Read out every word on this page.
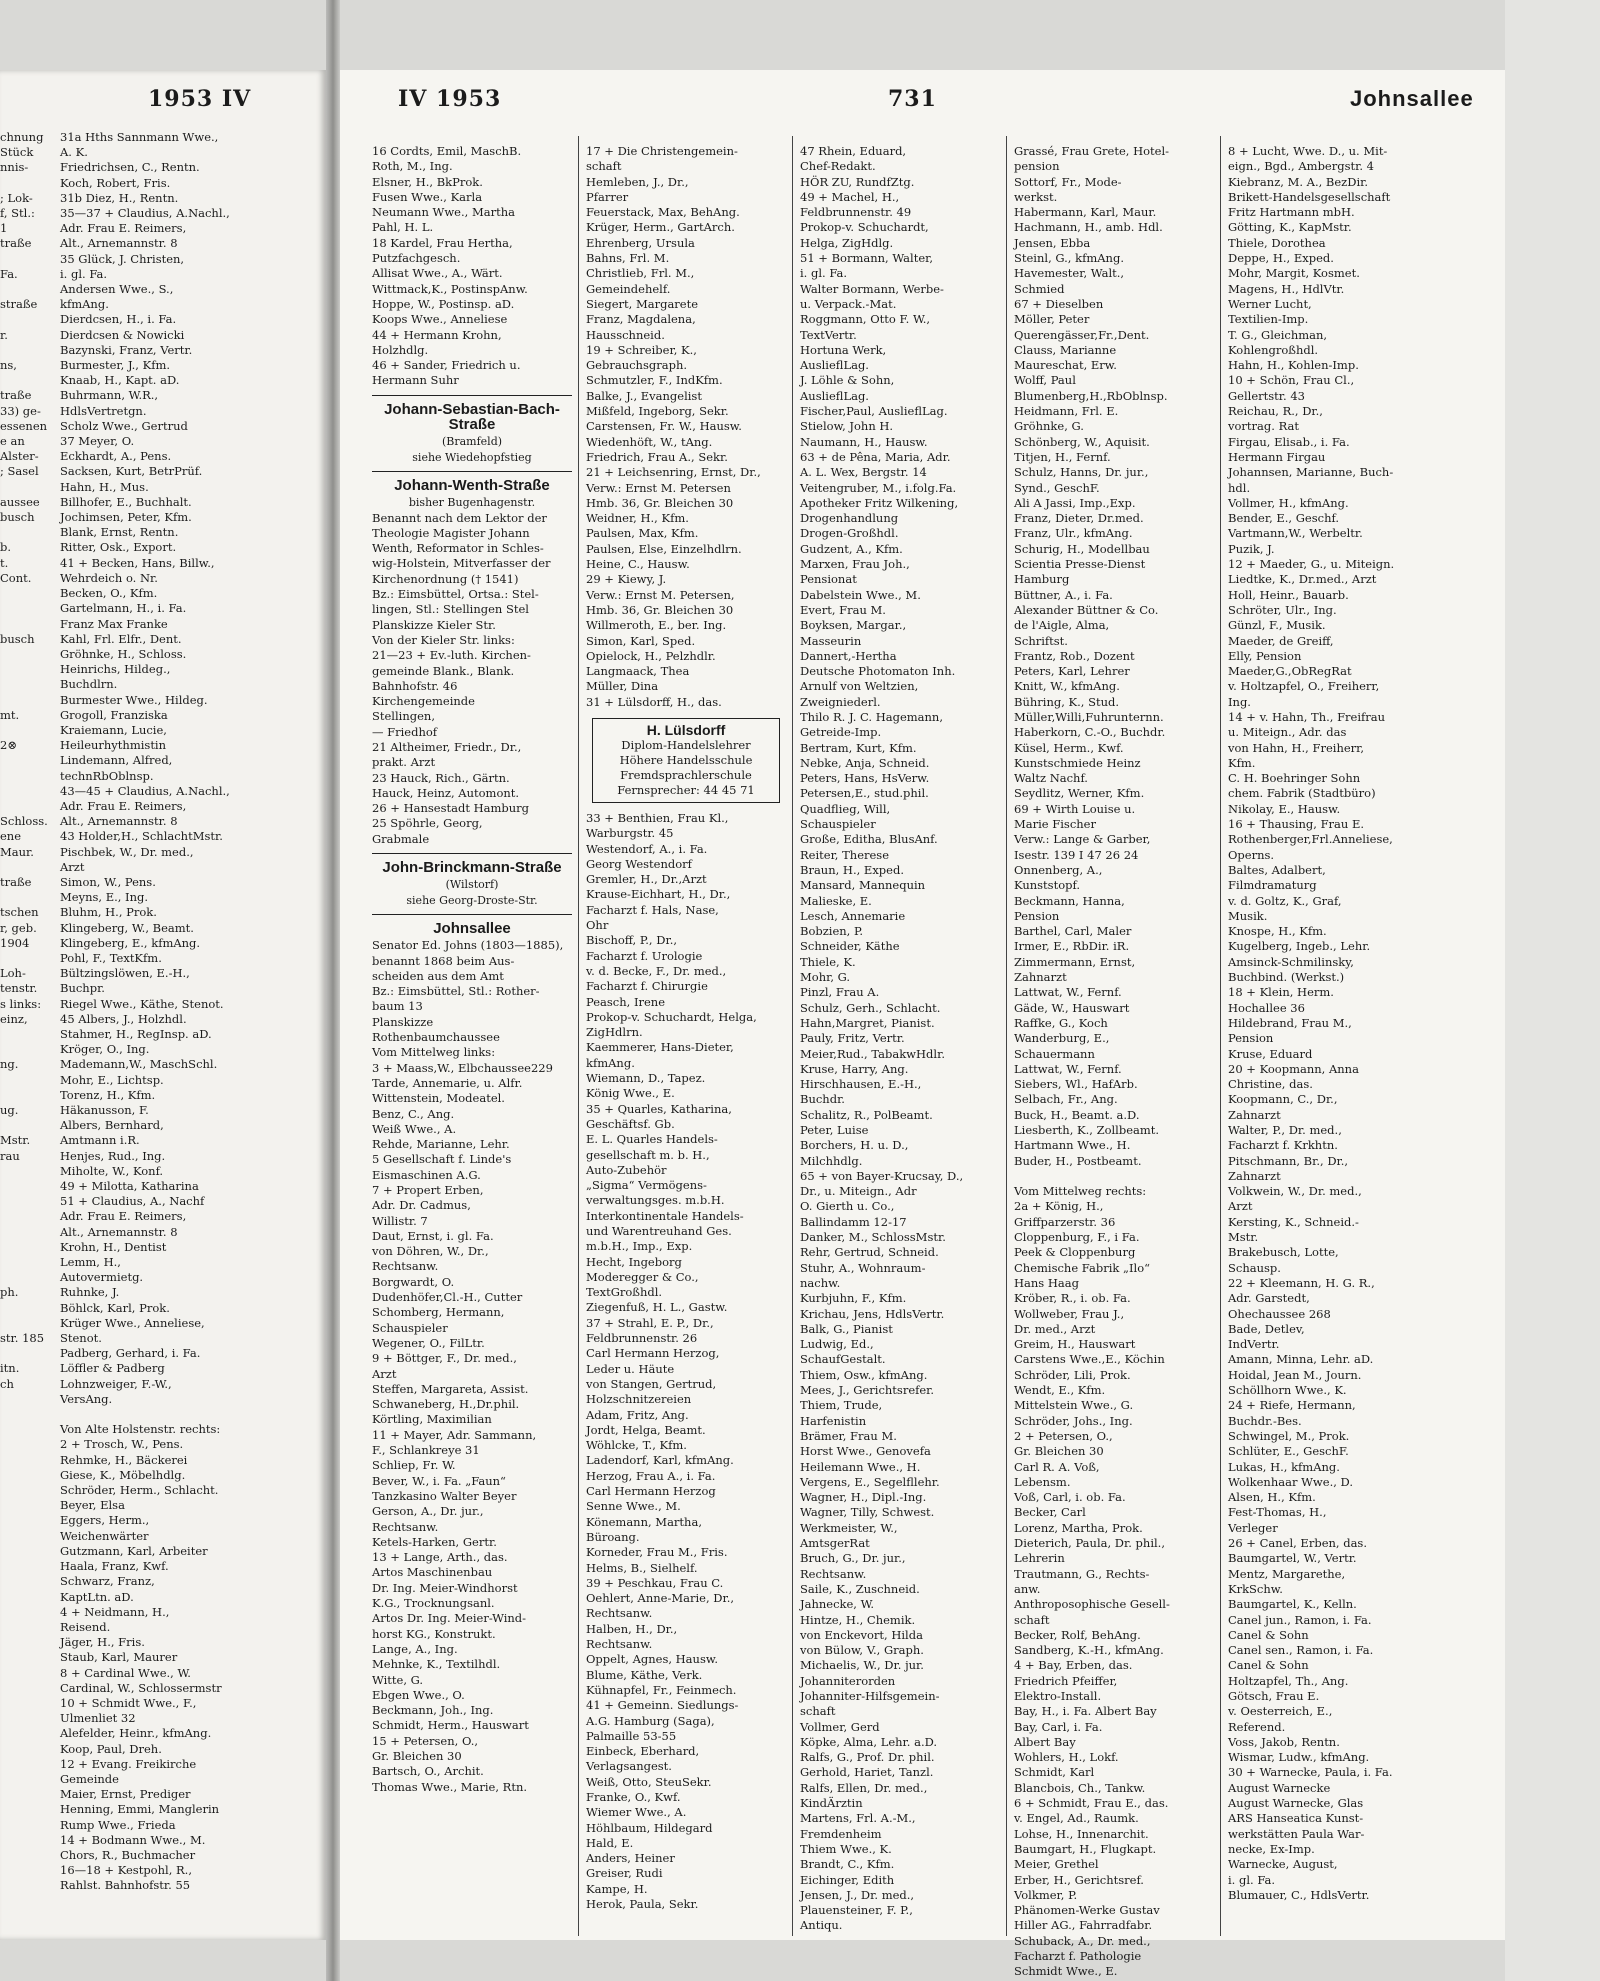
1953 IV
chnung
Stück
nnis-

; Lok-
f, Stl.:
1
traße

Fa.

straße

r.

ns,

traße
33) ge-
essenen
e an
Alster-
; Sasel

aussee
busch

b.
t.
Cont.

busch

mt.

2⊗

Schloss.
ene
Maur.

traße

tschen
r, geb.
1904

Loh-
tenstr.
s links:
einz,

ng.

ug.

Mstr.
rau

ph.

str. 185

itn.
ch
31a Hths Sannmann Wwe.,
A. K.
Friedrichsen, C., Rentn.
Koch, Robert, Fris.
31b Diez, H., Rentn.
35—37 + Claudius, A.Nachl.,
Adr. Frau E. Reimers,
Alt., Arnemannstr. 8
35 Glück, J. Christen,
i. gl. Fa.
Andersen Wwe., S.,
kfmAng.
Dierdcsen, H., i. Fa.
Dierdcsen & Nowicki
Bazynski, Franz, Vertr.
Burmester, J., Kfm.
Knaab, H., Kapt. aD.
Buhrmann, W.R.,
HdlsVertretgn.
Scholz Wwe., Gertrud
37 Meyer, O.
Eckhardt, A., Pens.
Sacksen, Kurt, BetrPrüf.
Hahn, H., Mus.
Billhofer, E., Buchhalt.
Jochimsen, Peter, Kfm.
Blank, Ernst, Rentn.
Ritter, Osk., Export.
41 + Becken, Hans, Billw.,
Wehrdeich o. Nr.
Becken, O., Kfm.
Gartelmann, H., i. Fa.
Franz Max Franke
Kahl, Frl. Elfr., Dent.
Gröhnke, H., Schloss.
Heinrichs, Hildeg.,
Buchdlrn.
Burmester Wwe., Hildeg.
Grogoll, Franziska
Kraiemann, Lucie,
Heileurhythmistin
Lindemann, Alfred,
technRbOblnsp.
43—45 + Claudius, A.Nachl.,
Adr. Frau E. Reimers,
Alt., Arnemannstr. 8
43 Holder,H., SchlachtMstr.
Pischbek, W., Dr. med.,
Arzt
Simon, W., Pens.
Meyns, E., Ing.
Bluhm, H., Prok.
Klingeberg, W., Beamt.
Klingeberg, E., kfmAng.
Pohl, F., TextKfm.
Bültzingslöwen, E.-H.,
Buchpr.
Riegel Wwe., Käthe, Stenot.
45 Albers, J., Holzhdl.
Stahmer, H., RegInsp. aD.
Kröger, O., Ing.
Mademann,W., MaschSchl.
Mohr, E., Lichtsp.
Torenz, H., Kfm.
Häkanusson, F.
Albers, Bernhard,
Amtmann i.R.
Henjes, Rud., Ing.
Miholte, W., Konf.
49 + Milotta, Katharina
51 + Claudius, A., Nachf
Adr. Frau E. Reimers,
Alt., Arnemannstr. 8
Krohn, H., Dentist
Lemm, H.,
Autovermietg.
Ruhnke, J.
Böhlck, Karl, Prok.
Krüger Wwe., Anneliese,
Stenot.
Padberg, Gerhard, i. Fa.
Löffler & Padberg
Lohnzweiger, F.-W.,
VersAng.

Von Alte Holstenstr. rechts:
2 + Trosch, W., Pens.
Rehmke, H., Bäckerei
Giese, K., Möbelhdlg.
Schröder, Herm., Schlacht.
Beyer, Elsa
Eggers, Herm.,
Weichenwärter
Gutzmann, Karl, Arbeiter
Haala, Franz, Kwf.
Schwarz, Franz,
KaptLtn. aD.
4 + Neidmann, H.,
Reisend.
Jäger, H., Fris.
Staub, Karl, Maurer
8 + Cardinal Wwe., W.
Cardinal, W., Schlossermstr
10 + Schmidt Wwe., F.,
Ulmenliet 32
Alefelder, Heinr., kfmAng.
Koop, Paul, Dreh.
12 + Evang. Freikirche
Gemeinde
Maier, Ernst, Prediger
Henning, Emmi, Manglerin
Rump Wwe., Frieda
14 + Bodmann Wwe., M.
Chors, R., Buchmacher
16—18 + Kestpohl, R.,
Rahlst. Bahnhofstr. 55
IV 1953	731	Johnsallee
16 Cordts, Emil, MaschB.
Roth, M., Ing.
Elsner, H., BkProk.
Fusen Wwe., Karla
Neumann Wwe., Martha
Pahl, H. L.
18 Kardel, Frau Hertha,
Putzfachgesch.
Allisat Wwe., A., Wärt.
Wittmack,K., PostinspAnw.
Hoppe, W., Postinsp. aD.
Koops Wwe., Anneliese
44 + Hermann Krohn,
Holzhdlg.
46 + Sander, Friedrich u.
Hermann Suhr
Johann-Sebastian-Bach-Straße
(Bramfeld)
siehe Wiedehopfstieg
Johann-Wenth-Straße
bisher Bugenhagenstr.
Benannt nach dem Lektor der
Theologie Magister Johann
Wenth, Reformator in Schles-
wig-Holstein, Mitverfasser der
Kirchenordnung († 1541)
Bz.: Eimsbüttel, Ortsa.: Stel-
lingen, Stl.: Stellingen Stel
Planskizze Kieler Str.
Von der Kieler Str. links:
21—23 + Ev.-luth. Kirchen-
gemeinde Blank., Blank.
Bahnhofstr. 46
Kirchengemeinde
Stellingen,
— Friedhof
21 Altheimer, Friedr., Dr.,
prakt. Arzt
23 Hauck, Rich., Gärtn.
Hauck, Heinz, Automont.
26 + Hansestadt Hamburg
25 Spöhrle, Georg,
Grabmale
John-Brinckmann-Straße
(Wilstorf)
siehe Georg-Droste-Str.
Johnsallee
Senator Ed. Johns (1803—1885),
benannt 1868 beim Aus-
scheiden aus dem Amt
Bz.: Eimsbüttel, Stl.: Rother-
baum 13
Planskizze
Rothenbaumchaussee
Vom Mittelweg links:
3 + Maass,W., Elbchaussee229
Tarde, Annemarie, u. Alfr.
Wittenstein, Modeatel.
Benz, C., Ang.
Weiß Wwe., A.
Rehde, Marianne, Lehr.
5 Gesellschaft f. Linde's
Eismaschinen A.G.
7 + Propert Erben,
Adr. Dr. Cadmus,
Willistr. 7
Daut, Ernst, i. gl. Fa.
von Döhren, W., Dr.,
Rechtsanw.
Borgwardt, O.
Dudenhöfer,Cl.-H., Cutter
Schomberg, Hermann,
Schauspieler
Wegener, O., FilLtr.
9 + Böttger, F., Dr. med.,
Arzt
Steffen, Margareta, Assist.
Schwaneberg, H.,Dr.phil.
Körtling, Maximilian
11 + Mayer, Adr. Sammann,
F., Schlankreye 31
Schliep, Fr. W.
Bever, W., i. Fa. „Faun“
Tanzkasino Walter Beyer
Gerson, A., Dr. jur.,
Rechtsanw.
Ketels-Harken, Gertr.
13 + Lange, Arth., das.
Artos Maschinenbau
Dr. Ing. Meier-Windhorst
K.G., Trocknungsanl.
Artos Dr. Ing. Meier-Wind-
horst KG., Konstrukt.
Lange, A., Ing.
Mehnke, K., Textilhdl.
Witte, G.
Ebgen Wwe., O.
Beckmann, Joh., Ing.
Schmidt, Herm., Hauswart
15 + Petersen, O.,
Gr. Bleichen 30
Bartsch, O., Archit.
Thomas Wwe., Marie, Rtn.
17 + Die Christengemein-
schaft
Hemleben, J., Dr.,
Pfarrer
Feuerstack, Max, BehAng.
Krüger, Herm., GartArch.
Ehrenberg, Ursula
Bahns, Frl. M.
Christlieb, Frl. M.,
Gemeindehelf.
Siegert, Margarete
Franz, Magdalena,
Hausschneid.
19 + Schreiber, K.,
Gebrauchsgraph.
Schmutzler, F., IndKfm.
Balke, J., Evangelist
Mißfeld, Ingeborg, Sekr.
Carstensen, Fr. W., Hausw.
Wiedenhöft, W., tAng.
Friedrich, Frau A., Sekr.
21 + Leichsenring, Ernst, Dr.,
Verw.: Ernst M. Petersen
Hmb. 36, Gr. Bleichen 30
Weidner, H., Kfm.
Paulsen, Max, Kfm.
Paulsen, Else, Einzelhdlrn.
Heine, C., Hausw.
29 + Kiewy, J.
Verw.: Ernst M. Petersen,
Hmb. 36, Gr. Bleichen 30
Willmeroth, E., ber. Ing.
Simon, Karl, Sped.
Opielock, H., Pelzhdlr.
Langmaack, Thea
Müller, Dina
31 + Lülsdorff, H., das.
H. Lülsdorff
Diplom-Handelslehrer
Höhere Handelsschule
Fremdsprachlerschule
Fernsprecher: 44 45 71
33 + Benthien, Frau Kl.,
Warburgstr. 45
Westendorf, A., i. Fa.
Georg Westendorf
Gremler, H., Dr.,Arzt
Krause-Eichhart, H., Dr.,
Facharzt f. Hals, Nase,
Ohr
Bischoff, P., Dr.,
Facharzt f. Urologie
v. d. Becke, F., Dr. med.,
Facharzt f. Chirurgie
Peasch, Irene
Prokop-v. Schuchardt, Helga,
ZigHdlrn.
Kaemmerer, Hans-Dieter,
kfmAng.
Wiemann, D., Tapez.
König Wwe., E.
35 + Quarles, Katharina,
Geschäftsf. Gb.
E. L. Quarles Handels-
gesellschaft m. b. H.,
Auto-Zubehör
„Sigma“ Vermögens-
verwaltungsges. m.b.H.
Interkontinentale Handels-
und Warentreuhand Ges.
m.b.H., Imp., Exp.
Hecht, Ingeborg
Moderegger & Co.,
TextGroßhdl.
Ziegenfuß, H. L., Gastw.
37 + Strahl, E. P., Dr.,
Feldbrunnenstr. 26
Carl Hermann Herzog,
Leder u. Häute
von Stangen, Gertrud,
Holzschnitzereien
Adam, Fritz, Ang.
Jordt, Helga, Beamt.
Wöhlcke, T., Kfm.
Ladendorf, Karl, kfmAng.
Herzog, Frau A., i. Fa.
Carl Hermann Herzog
Senne Wwe., M.
Könemann, Martha,
Büroang.
Korneder, Frau M., Fris.
Helms, B., Sielhelf.
39 + Peschkau, Frau C.
Oehlert, Anne-Marie, Dr.,
Rechtsanw.
Halben, H., Dr.,
Rechtsanw.
Oppelt, Agnes, Hausw.
Blume, Käthe, Verk.
Kühnapfel, Fr., Feinmech.
41 + Gemeinn. Siedlungs-
A.G. Hamburg (Saga),
Palmaille 53-55
Einbeck, Eberhard,
Verlagsangest.
Weiß, Otto, SteuSekr.
Franke, O., Kwf.
Wiemer Wwe., A.
Höhlbaum, Hildegard
Hald, E.
Anders, Heiner
Greiser, Rudi
Kampe, H.
Herok, Paula, Sekr.
47 Rhein, Eduard,
Chef-Redakt.
HÖR ZU, RundfZtg.
49 + Machel, H.,
Feldbrunnenstr. 49
Prokop-v. Schuchardt,
Helga, ZigHdlg.
51 + Bormann, Walter,
i. gl. Fa.
Walter Bormann, Werbe-
u. Verpack.-Mat.
Roggmann, Otto F. W.,
TextVertr.
Hortuna Werk,
AuslieflLag.
J. Löhle & Sohn,
AuslieflLag.
Fischer,Paul, AuslieflLag.
Stielow, John H.
Naumann, H., Hausw.
63 + de Pêna, Maria, Adr.
A. L. Wex, Bergstr. 14
Veitengruber, M., i.folg.Fa.
Apotheker Fritz Wilkening,
Drogenhandlung
Drogen-Großhdl.
Gudzent, A., Kfm.
Marxen, Frau Joh.,
Pensionat
Dabelstein Wwe., M.
Evert, Frau M.
Boyksen, Margar.,
Masseurin
Dannert,-Hertha
Deutsche Photomaton Inh.
Arnulf von Weltzien,
Zweigniederl.
Thilo R. J. C. Hagemann,
Getreide-Imp.
Bertram, Kurt, Kfm.
Nebke, Anja, Schneid.
Peters, Hans, HsVerw.
Petersen,E., stud.phil.
Quadflieg, Will,
Schauspieler
Große, Editha, BlusAnf.
Reiter, Therese
Braun, H., Exped.
Mansard, Mannequin
Malieske, E.
Lesch, Annemarie
Bobzien, P.
Schneider, Käthe
Thiele, K.
Mohr, G.
Pinzl, Frau A.
Schulz, Gerh., Schlacht.
Hahn,Margret, Pianist.
Pauly, Fritz, Vertr.
Meier,Rud., TabakwHdlr.
Kruse, Harry, Ang.
Hirschhausen, E.-H.,
Buchdr.
Schalitz, R., PolBeamt.
Peter, Luise
Borchers, H. u. D.,
Milchhdlg.
65 + von Bayer-Krucsay, D.,
Dr., u. Miteign., Adr
O. Gierth u. Co.,
Ballindamm 12-17
Danker, M., SchlossMstr.
Rehr, Gertrud, Schneid.
Stuhr, A., Wohnraum-
nachw.
Kurbjuhn, F., Kfm.
Krichau, Jens, HdlsVertr.
Balk, G., Pianist
Ludwig, Ed.,
SchaufGestalt.
Thiem, Osw., kfmAng.
Mees, J., Gerichtsrefer.
Thiem, Trude,
Harfenistin
Brämer, Frau M.
Horst Wwe., Genovefa
Heilemann Wwe., H.
Vergens, E., Segelfllehr.
Wagner, H., Dipl.-Ing.
Wagner, Tilly, Schwest.
Werkmeister, W.,
AmtsgerRat
Bruch, G., Dr. jur.,
Rechtsanw.
Saile, K., Zuschneid.
Jahnecke, W.
Hintze, H., Chemik.
von Enckevort, Hilda
von Bülow, V., Graph.
Michaelis, W., Dr. jur.
Johanniterorden
Johanniter-Hilfsgemein-
schaft
Vollmer, Gerd
Köpke, Alma, Lehr. a.D.
Ralfs, G., Prof. Dr. phil.
Gerhold, Hariet, Tanzl.
Ralfs, Ellen, Dr. med.,
KindÄrztin
Martens, Frl. A.-M.,
Fremdenheim
Thiem Wwe., K.
Brandt, C., Kfm.
Eichinger, Edith
Jensen, J., Dr. med.,
Plauensteiner, F. P.,
Antiqu.
Grassé, Frau Grete, Hotel-
pension
Sottorf, Fr., Mode-
werkst.
Habermann, Karl, Maur.
Hachmann, H., amb. Hdl.
Jensen, Ebba
Steinl, G., kfmAng.
Havemester, Walt.,
Schmied
67 + Dieselben
Möller, Peter
Querengässer,Fr.,Dent.
Clauss, Marianne
Maureschat, Erw.
Wolff, Paul
Blumenberg,H.,RbOblnsp.
Heidmann, Frl. E.
Gröhnke, G.
Schönberg, W., Aquisit.
Titjen, H., Fernf.
Schulz, Hanns, Dr. jur.,
Synd., GeschF.
Ali A Jassi, Imp.,Exp.
Franz, Dieter, Dr.med.
Franz, Ulr., kfmAng.
Schurig, H., Modellbau
Scientia Presse-Dienst
Hamburg
Büttner, A., i. Fa.
Alexander Büttner & Co.
de l'Aigle, Alma,
Schriftst.
Frantz, Rob., Dozent
Peters, Karl, Lehrer
Knitt, W., kfmAng.
Bühring, K., Stud.
Müller,Willi,Fuhrunternn.
Haberkorn, C.-O., Buchdr.
Küsel, Herm., Kwf.
Kunstschmiede Heinz
Waltz Nachf.
Seydlitz, Werner, Kfm.
69 + Wirth Louise u.
Marie Fischer
Verw.: Lange & Garber,
Isestr. 139 I 47 26 24
Onnenberg, A.,
Kunststopf.
Beckmann, Hanna,
Pension
Barthel, Carl, Maler
Irmer, E., RbDir. iR.
Zimmermann, Ernst,
Zahnarzt
Lattwat, W., Fernf.
Gäde, W., Hauswart
Raffke, G., Koch
Wanderburg, E.,
Schauermann
Lattwat, W., Fernf.
Siebers, Wl., HafArb.
Selbach, Fr., Ang.
Buck, H., Beamt. a.D.
Liesberth, K., Zollbeamt.
Hartmann Wwe., H.
Buder, H., Postbeamt.

Vom Mittelweg rechts:
2a + König, H.,
Griffparzerstr. 36
Cloppenburg, F., i Fa.
Peek & Cloppenburg
Chemische Fabrik „Ilo“
Hans Haag
Kröber, R., i. ob. Fa.
Wollweber, Frau J.,
Dr. med., Arzt
Greim, H., Hauswart
Carstens Wwe.,E., Köchin
Schröder, Lili, Prok.
Wendt, E., Kfm.
Mittelstein Wwe., G.
Schröder, Johs., Ing.
2 + Petersen, O.,
Gr. Bleichen 30
Carl R. A. Voß,
Lebensm.
Voß, Carl, i. ob. Fa.
Becker, Carl
Lorenz, Martha, Prok.
Dieterich, Paula, Dr. phil.,
Lehrerin
Trautmann, G., Rechts-
anw.
Anthroposophische Gesell-
schaft
Becker, Rolf, BehAng.
Sandberg, K.-H., kfmAng.
4 + Bay, Erben, das.
Friedrich Pfeiffer,
Elektro-Install.
Bay, H., i. Fa. Albert Bay
Bay, Carl, i. Fa.
Albert Bay
Wohlers, H., Lokf.
Schmidt, Karl
Blancbois, Ch., Tankw.
6 + Schmidt, Frau E., das.
v. Engel, Ad., Raumk.
Lohse, H., Innenarchit.
Baumgart, H., Flugkapt.
Meier, Grethel
Erber, H., Gerichtsref.
Volkmer, P.
Phänomen-Werke Gustav
Hiller AG., Fahrradfabr.
Schuback, A., Dr. med.,
Facharzt f. Pathologie
Schmidt Wwe., E.
8 + Lucht, Wwe. D., u. Mit-
eign., Bgd., Ambergstr. 4
Kiebranz, M. A., BezDir.
Brikett-Handelsgesellschaft
Fritz Hartmann mbH.
Götting, K., KapMstr.
Thiele, Dorothea
Deppe, H., Exped.
Mohr, Margit, Kosmet.
Magens, H., HdlVtr.
Werner Lucht,
Textilien-Imp.
T. G., Gleichman,
Kohlengroßhdl.
Hahn, H., Kohlen-Imp.
10 + Schön, Frau Cl.,
Gellertstr. 43
Reichau, R., Dr.,
vortrag. Rat
Firgau, Elisab., i. Fa.
Hermann Firgau
Johannsen, Marianne, Buch-
hdl.
Vollmer, H., kfmAng.
Bender, E., Geschf.
Vartmann,W., Werbeltr.
Puzik, J.
12 + Maeder, G., u. Miteign.
Liedtke, K., Dr.med., Arzt
Holl, Heinr., Bauarb.
Schröter, Ulr., Ing.
Günzl, F., Musik.
Maeder, de Greiff,
Elly, Pension
Maeder,G.,ObRegRat
v. Holtzapfel, O., Freiherr,
Ing.
14 + v. Hahn, Th., Freifrau
u. Miteign., Adr. das
von Hahn, H., Freiherr,
Kfm.
C. H. Boehringer Sohn
chem. Fabrik (Stadtbüro)
Nikolay, E., Hausw.
16 + Thausing, Frau E.
Rothenberger,Frl.Anneliese,
Operns.
Baltes, Adalbert,
Filmdramaturg
v. d. Goltz, K., Graf,
Musik.
Knospe, H., Kfm.
Kugelberg, Ingeb., Lehr.
Amsinck-Schmilinsky,
Buchbind. (Werkst.)
18 + Klein, Herm.
Hochallee 36
Hildebrand, Frau M.,
Pension
Kruse, Eduard
20 + Koopmann, Anna
Christine, das.
Koopmann, C., Dr.,
Zahnarzt
Walter, P., Dr. med.,
Facharzt f. Krkhtn.
Pitschmann, Br., Dr.,
Zahnarzt
Volkwein, W., Dr. med.,
Arzt
Kersting, K., Schneid.-
Mstr.
Brakebusch, Lotte,
Schausp.
22 + Kleemann, H. G. R.,
Adr. Garstedt,
Ohechaussee 268
Bade, Detlev,
IndVertr.
Amann, Minna, Lehr. aD.
Hoidal, Jean M., Journ.
Schöllhorn Wwe., K.
24 + Riefe, Hermann,
Buchdr.-Bes.
Schwingel, M., Prok.
Schlüter, E., GeschF.
Lukas, H., kfmAng.
Wolkenhaar Wwe., D.
Alsen, H., Kfm.
Fest-Thomas, H.,
Verleger
26 + Canel, Erben, das.
Baumgartel, W., Vertr.
Mentz, Margarethe,
KrkSchw.
Baumgartel, K., Kelln.
Canel jun., Ramon, i. Fa.
Canel & Sohn
Canel sen., Ramon, i. Fa.
Canel & Sohn
Holtzapfel, Th., Ang.
Götsch, Frau E.
v. Oesterreich, E.,
Referend.
Voss, Jakob, Rentn.
Wismar, Ludw., kfmAng.
30 + Warnecke, Paula, i. Fa.
August Warnecke
August Warnecke, Glas
ARS Hanseatica Kunst-
werkstätten Paula War-
necke, Ex-Imp.
Warnecke, August,
i. gl. Fa.
Blumauer, C., HdlsVertr.
